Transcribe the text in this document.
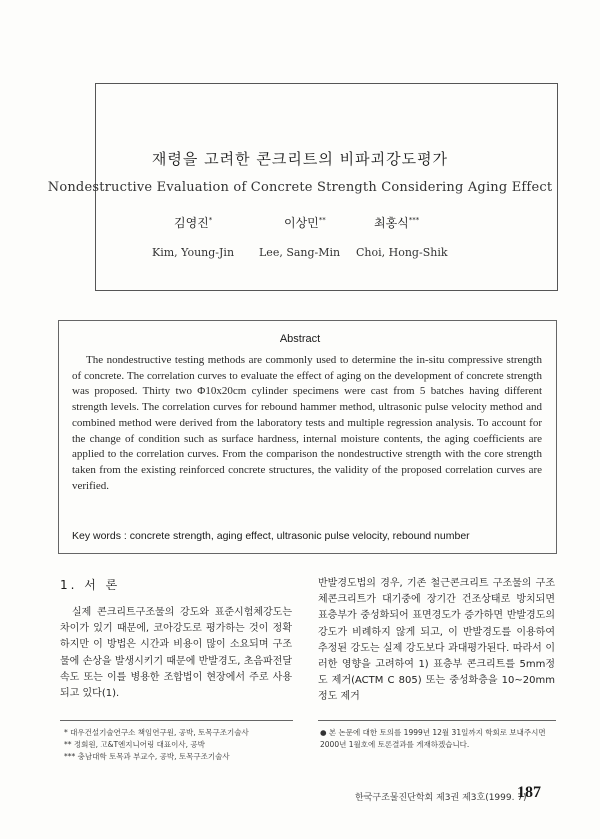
재령을 고려한 콘크리트의 비파괴강도평가
Nondestructive Evaluation of Concrete Strength Considering Aging Effect
김영진*	이상민**	최홍식***
Kim, Young-Jin Lee, Sang-Min Choi, Hong-Shik
Abstract
The nondestructive testing methods are commonly used to determine the in-situ compressive strength of concrete. The correlation curves to evaluate the effect of aging on the development of concrete strength was proposed. Thirty two Φ10x20cm cylinder specimens were cast from 5 batches having different strength levels. The correlation curves for rebound hammer method, ultrasonic pulse velocity method and combined method were derived from the laboratory tests and multiple regression analysis. To account for the change of condition such as surface hardness, internal moisture contents, the aging coefficients are applied to the correlation curves. From the comparison the nondestructive strength with the core strength taken from the existing reinforced concrete structures, the validity of the proposed correlation curves are verified.
Key words : concrete strength, aging effect, ultrasonic pulse velocity, rebound number
1. 서 론

실제 콘크리트구조물의 강도와 표준시험체강도는 차이가 있기 때문에, 코아강도로 평가하는 것이 정확하지만 이 방법은 시간과 비용이 많이 소요되며 구조물에 손상을 발생시키기 때문에 반발경도, 초음파전달속도 또는 이를 병용한 조합법이 현장에서 주로 사용되고 있다(1).

반발경도법의 경우, 기존 철근콘크리트 구조물의 구조체콘크리트가 대기중에 장기간 건조상태로 방치되면 표층부가 중성화되어 표면경도가 증가하면 반발경도의 강도가 비례하지 않게 되고, 이 반발경도를 이용하여 추정된 강도는 실제 강도보다 과대평가된다. 따라서 이러한 영향을 고려하여 1) 표층부 콘크리트를 5mm정도 제거(ACTM C 805) 또는 중성화층을 10~20mm정도 제거

* 대우건설기술연구소 책임연구원, 공박, 토목구조기술사
** 정회원, 고&T엔지니어링 대표이사, 공박
*** 충남대학 토목과 부교수, 공박, 토목구조기술사
● 본 논문에 대한 토의를 1999년 12월 31일까지 학회로 보내주시면 2000년 1월호에 토론결과를 게재하겠습니다.
한국구조물진단학회 제3권 제3호(1999. 7)
187
